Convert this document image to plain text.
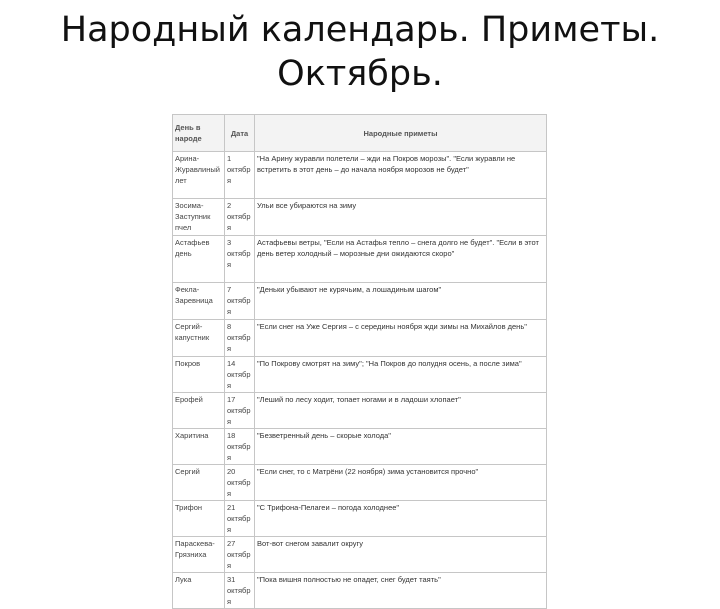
Народный календарь. Приметы.
Октябрь.
День в народе	Дата	Народные приметы
Арина-Журавлиный лет	1 октября	"На Арину журавли полетели – жди на Покров морозы". "Если журавли не встретить в этот день – до начала ноября морозов не будет"
Зосима-Заступник пчел	2 октября	Ульи все убираются на зиму
Астафьев день	3 октября	Астафьевы ветры, "Если на Астафья тепло – снега долго не будет". "Если в этот день ветер холодный – морозные дни ожидаются скоро"
Фекла-Заревница	7 октября	"Деньки убывают не курячьим, а лошадиным шагом"
Сергий-капустник	8 октября	"Если снег на Уже Сергия – с середины ноября жди зимы на Михайлов день"
Покров	14 октября	"По Покрову смотрят на зиму"; "На Покров до полудня осень, а после зима"
Ерофей	17 октября	"Леший по лесу ходит, топает ногами и в ладоши хлопает"
Харитина	18 октября	"Безветренный день – скорые холода"
Сергий	20 октября	"Если снег, то с Матрёни (22 ноября) зима установится прочно"
Трифон	21 октября	"С Трифона-Пелагеи – погода холоднее"
Параскева-Грязниха	27 октября	Вот-вот снегом завалит округу
Лука	31 октября	"Пока вишня полностью не опадет, снег будет таять"
